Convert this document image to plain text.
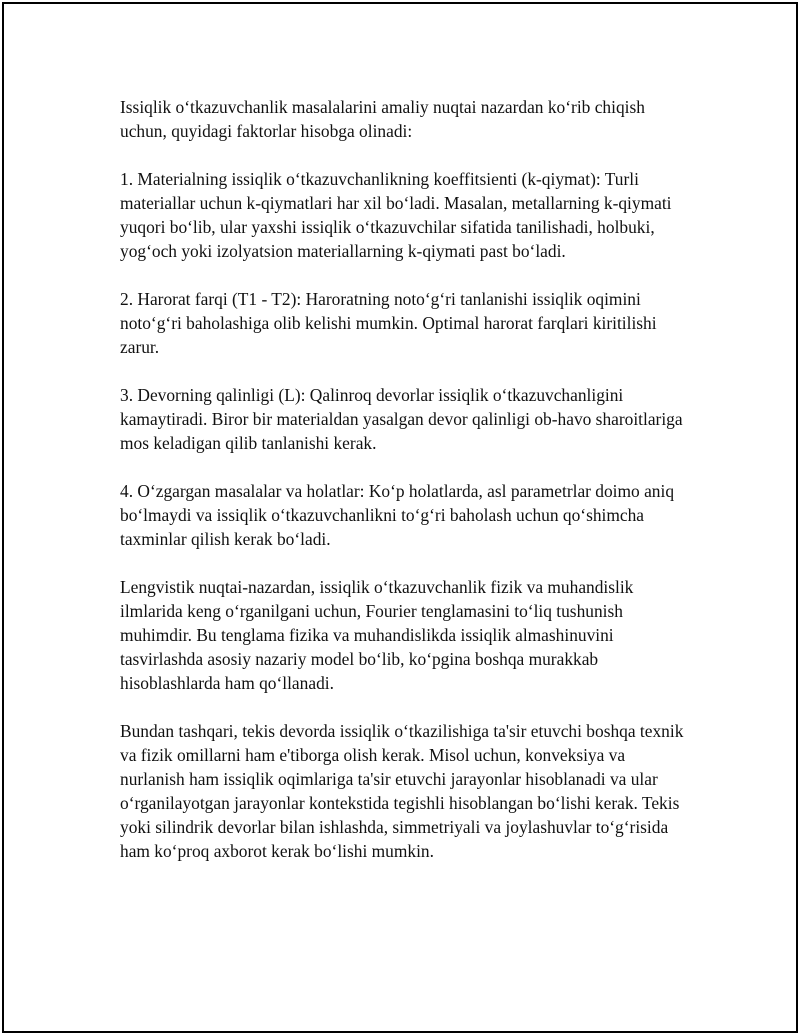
Issiqlik o‘tkazuvchanlik masalalarini amaliy nuqtai nazardan ko‘rib chiqish uchun, quyidagi faktorlar hisobga olinadi:

1. Materialning issiqlik o‘tkazuvchanlikning koeffitsienti (k-qiymat): Turli materiallar uchun k-qiymatlari har xil bo‘ladi. Masalan, metallarning k-qiymati yuqori bo‘lib, ular yaxshi issiqlik o‘tkazuvchilar sifatida tanilishadi, holbuki, yog‘och yoki izolyatsion materiallarning k-qiymati past bo‘ladi.

2. Harorat farqi (T1 - T2): Haroratning noto‘g‘ri tanlanishi issiqlik oqimini noto‘g‘ri baholashiga olib kelishi mumkin. Optimal harorat farqlari kiritilishi zarur.

3. Devorning qalinligi (L): Qalinroq devorlar issiqlik o‘tkazuvchanligini kamaytiradi. Biror bir materialdan yasalgan devor qalinligi ob-havo sharoitlariga mos keladigan qilib tanlanishi kerak.

4. O‘zgargan masalalar va holatlar: Ko‘p holatlarda, asl parametrlar doimo aniq bo‘lmaydi va issiqlik o‘tkazuvchanlikni to‘g‘ri baholash uchun qo‘shimcha taxminlar qilish kerak bo‘ladi.

Lengvistik nuqtai-nazardan, issiqlik o‘tkazuvchanlik fizik va muhandislik ilmlarida keng o‘rganilgani uchun, Fourier tenglamasini to‘liq tushunish muhimdir. Bu tenglama fizika va muhandislikda issiqlik almashinuvini tasvirlashda asosiy nazariy model bo‘lib, ko‘pgina boshqa murakkab hisoblashlarda ham qo‘llanadi.

Bundan tashqari, tekis devorda issiqlik o‘tkazilishiga ta'sir etuvchi boshqa texnik va fizik omillarni ham e'tiborga olish kerak. Misol uchun, konveksiya va nurlanish ham issiqlik oqimlariga ta'sir etuvchi jarayonlar hisoblanadi va ular o‘rganilayotgan jarayonlar kontekstida tegishli hisoblangan bo‘lishi kerak. Tekis yoki silindrik devorlar bilan ishlashda, simmetriyali va joylashuvlar to‘g‘risida ham ko‘proq axborot kerak bo‘lishi mumkin.
